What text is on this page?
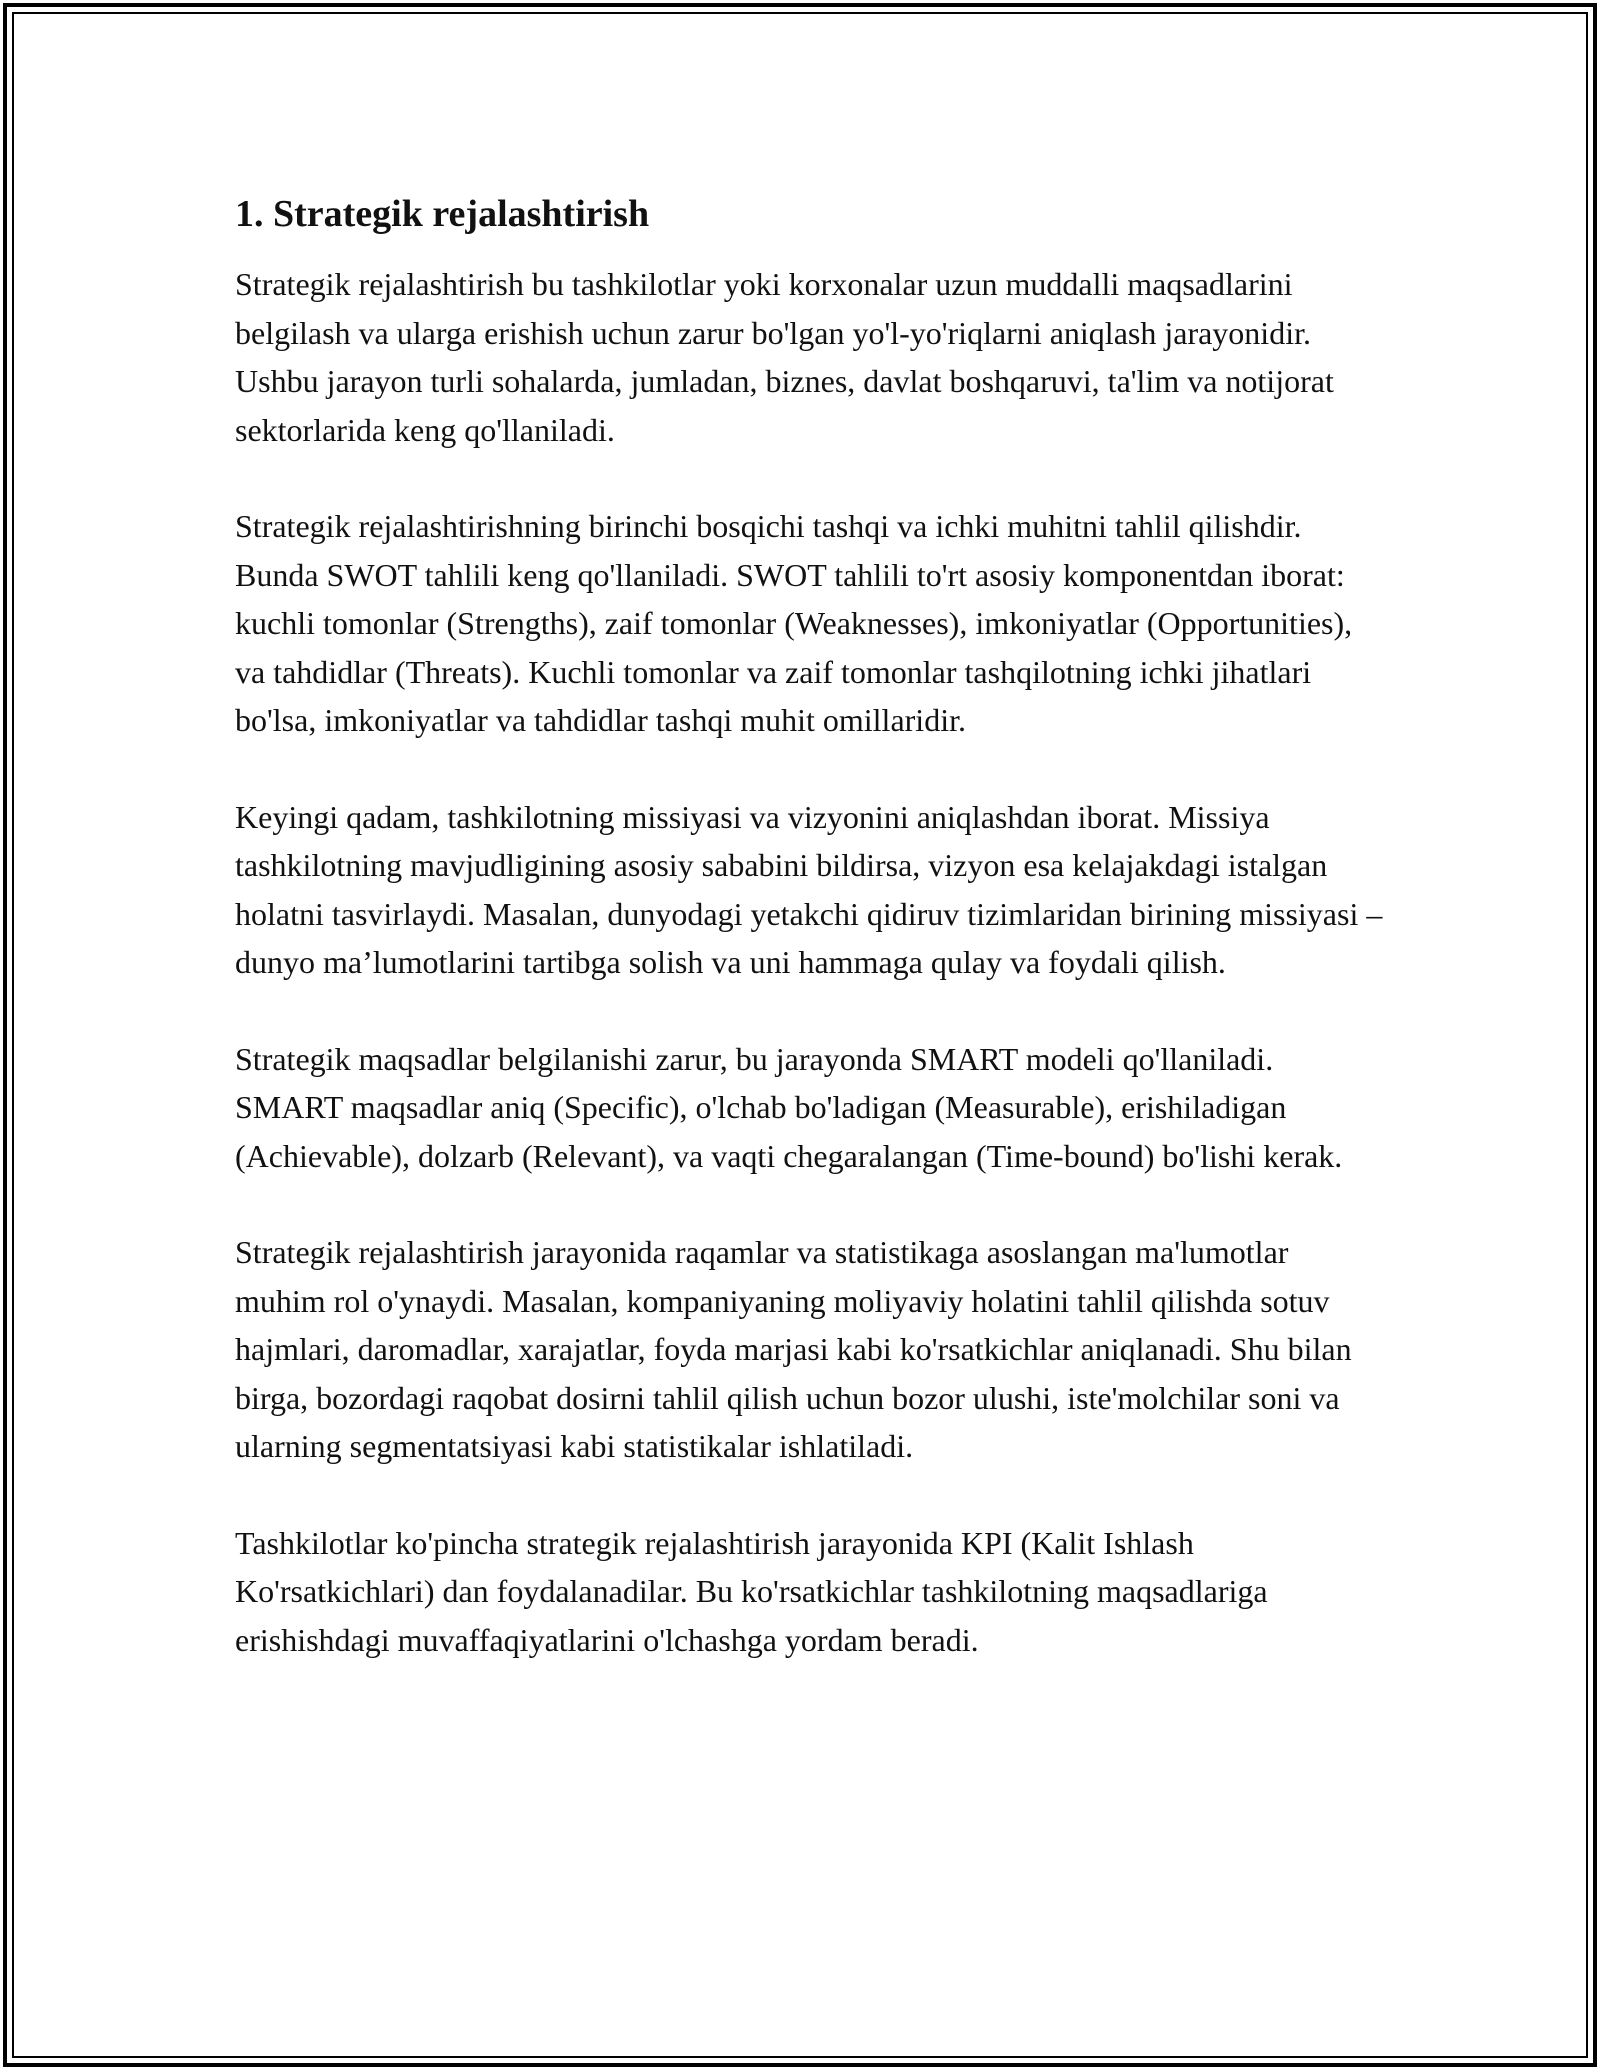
1. Strategik rejalashtirish

Strategik rejalashtirish bu tashkilotlar yoki korxonalar uzun muddalli maqsadlarini belgilash va ularga erishish uchun zarur bo'lgan yo'l-yo'riqlarni aniqlash jarayonidir. Ushbu jarayon turli sohalarda, jumladan, biznes, davlat boshqaruvi, ta'lim va notijorat sektorlarida keng qo'llaniladi.

Strategik rejalashtirishning birinchi bosqichi tashqi va ichki muhitni tahlil qilishdir. Bunda SWOT tahlili keng qo'llaniladi. SWOT tahlili to'rt asosiy komponentdan iborat: kuchli tomonlar (Strengths), zaif tomonlar (Weaknesses), imkoniyatlar (Opportunities), va tahdidlar (Threats). Kuchli tomonlar va zaif tomonlar tashqilotning ichki jihatlari bo'lsa, imkoniyatlar va tahdidlar tashqi muhit omillaridir.

Keyingi qadam, tashkilotning missiyasi va vizyonini aniqlashdan iborat. Missiya tashkilotning mavjudligining asosiy sababini bildirsa, vizyon esa kelajakdagi istalgan holatni tasvirlaydi. Masalan, dunyodagi yetakchi qidiruv tizimlaridan birining missiyasi – dunyo ma’lumotlarini tartibga solish va uni hammaga qulay va foydali qilish.

Strategik maqsadlar belgilanishi zarur, bu jarayonda SMART modeli qo'llaniladi. SMART maqsadlar aniq (Specific), o'lchab bo'ladigan (Measurable), erishiladigan (Achievable), dolzarb (Relevant), va vaqti chegaralangan (Time-bound) bo'lishi kerak.

Strategik rejalashtirish jarayonida raqamlar va statistikaga asoslangan ma'lumotlar muhim rol o'ynaydi. Masalan, kompaniyaning moliyaviy holatini tahlil qilishda sotuv hajmlari, daromadlar, xarajatlar, foyda marjasi kabi ko'rsatkichlar aniqlanadi. Shu bilan birga, bozordagi raqobat dosirni tahlil qilish uchun bozor ulushi, iste'molchilar soni va ularning segmentatsiyasi kabi statistikalar ishlatiladi.

Tashkilotlar ko'pincha strategik rejalashtirish jarayonida KPI (Kalit Ishlash Ko'rsatkichlari) dan foydalanadilar. Bu ko'rsatkichlar tashkilotning maqsadlariga erishishdagi muvaffaqiyatlarini o'lchashga yordam beradi.
